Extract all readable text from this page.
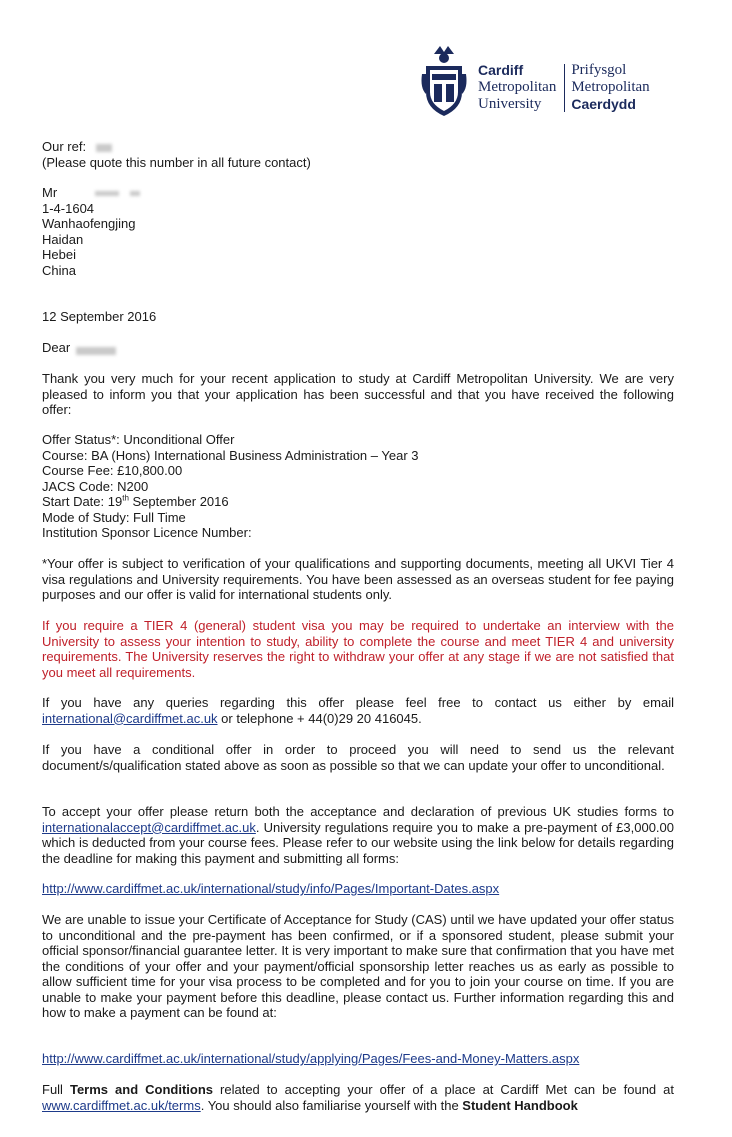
Cardiff
Metropolitan
University
Prifysgol
Metropolitan
Caerdydd
Our ref:
(Please quote this number in all future contact)
Mr
1-4-1604
Wanhaofengjing
Haidan
Hebei
China
12 September 2016
Dear
Thank you very much for your recent application to study at Cardiff Metropolitan University. We are very pleased to inform you that your application has been successful and that you have received the following offer:
Offer Status*: Unconditional Offer
Course: BA (Hons) International Business Administration – Year 3
Course Fee: £10,800.00
JACS Code: N200
Start Date: 19th September 2016
Mode of Study: Full Time
Institution Sponsor Licence Number:
*Your offer is subject to verification of your qualifications and supporting documents, meeting all UKVI Tier 4 visa regulations and University requirements. You have been assessed as an overseas student for fee paying purposes and our offer is valid for international students only.
If you require a TIER 4 (general) student visa you may be required to undertake an interview with the University to assess your intention to study, ability to complete the course and meet TIER 4 and university requirements. The University reserves the right to withdraw your offer at any stage if we are not satisfied that you meet all requirements.
If you have any queries regarding this offer please feel free to contact us either by email international@cardiffmet.ac.uk or telephone + 44(0)29 20 416045.
If you have a conditional offer in order to proceed you will need to send us the relevant document/s/qualification stated above as soon as possible so that we can update your offer to unconditional.
To accept your offer please return both the acceptance and declaration of previous UK studies forms to internationalaccept@cardiffmet.ac.uk. University regulations require you to make a pre-payment of £3,000.00 which is deducted from your course fees. Please refer to our website using the link below for details regarding the deadline for making this payment and submitting all forms:
http://www.cardiffmet.ac.uk/international/study/info/Pages/Important-Dates.aspx
We are unable to issue your Certificate of Acceptance for Study (CAS) until we have updated your offer status to unconditional and the pre-payment has been confirmed, or if a sponsored student, please submit your official sponsor/financial guarantee letter. It is very important to make sure that confirmation that you have met the conditions of your offer and your payment/official sponsorship letter reaches us as early as possible to allow sufficient time for your visa process to be completed and for you to join your course on time. If you are unable to make your payment before this deadline, please contact us. Further information regarding this and how to make a payment can be found at:
http://www.cardiffmet.ac.uk/international/study/applying/Pages/Fees-and-Money-Matters.aspx
Full Terms and Conditions related to accepting your offer of a place at Cardiff Met can be found at www.cardiffmet.ac.uk/terms. You should also familiarise yourself with the Student Handbook
